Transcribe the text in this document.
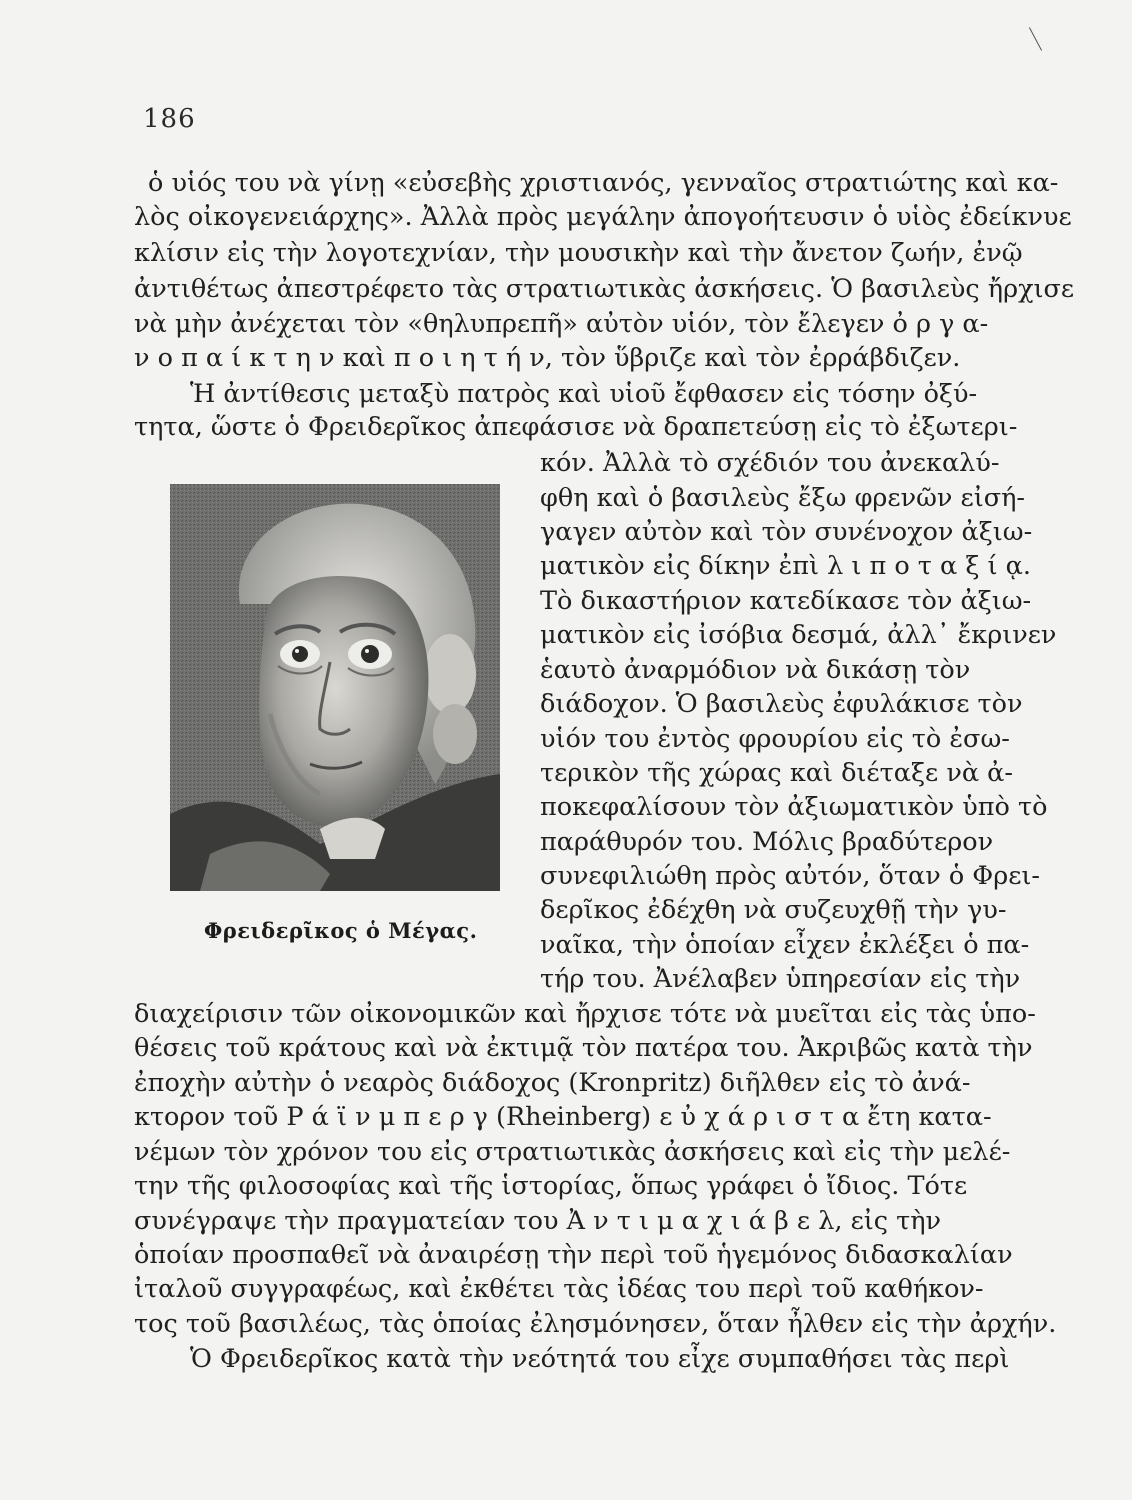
186
ὁ υἱός του νὰ γίνῃ «εὐσεβὴς χριστιανός, γενναῖος στρατιώτης καὶ κα-
λὸς οἰκογενειάρχης». Ἀλλὰ πρὸς μεγάλην ἀπογοήτευσιν ὁ υἱὸς ἐδείκνυε
κλίσιν εἰς τὴν λογοτεχνίαν, τὴν μουσικὴν καὶ τὴν ἄνετον ζωήν, ἐνῷ
ἀντιθέτως ἀπεστρέφετο τὰς στρατιωτικὰς ἀσκήσεις. Ὁ βασιλεὺς ἤρχισε
νὰ μὴν ἀνέχεται τὸν «θηλυπρεπῆ» αὐτὸν υἱόν, τὸν ἔλεγεν ὀ ρ γ α-
ν ο π α ί κ τ η ν καὶ π ο ι η τ ή ν, τὸν ὕβριζε καὶ τὸν ἐρράβδιζεν.
Ἡ ἀντίθεσις μεταξὺ πατρὸς καὶ υἱοῦ ἔφθασεν εἰς τόσην ὀξύ-
τητα, ὥστε ὁ Φρειδερῖκος ἀπεφάσισε νὰ δραπετεύσῃ εἰς τὸ ἐξωτερι-
κόν. Ἀλλὰ τὸ σχέδιόν του ἀνεκαλύ-
φθη καὶ ὁ βασιλεὺς ἔξω φρενῶν εἰσή-
γαγεν αὐτὸν καὶ τὸν συνένοχον ἀξιω-
ματικὸν εἰς δίκην ἐπὶ λ ι π ο τ α ξ ί ᾳ.
Τὸ δικαστήριον κατεδίκασε τὸν ἀξιω-
ματικὸν εἰς ἰσόβια δεσμά, ἀλλ᾿ ἔκρινεν
ἑαυτὸ ἀναρμόδιον νὰ δικάσῃ τὸν
διάδοχον. Ὁ βασιλεὺς ἐφυλάκισε τὸν
υἱόν του ἐντὸς φρουρίου εἰς τὸ ἐσω-
τερικὸν τῆς χώρας καὶ διέταξε νὰ ἀ-
ποκεφαλίσουν τὸν ἀξιωματικὸν ὑπὸ τὸ
παράθυρόν του. Μόλις βραδύτερον
συνεφιλιώθη πρὸς αὐτόν, ὅταν ὁ Φρει-
δερῖκος ἐδέχθη νὰ συζευχθῇ τὴν γυ-
ναῖκα, τὴν ὁποίαν εἶχεν ἐκλέξει ὁ πα-
τήρ του. Ἀνέλαβεν ὑπηρεσίαν εἰς τὴν
διαχείρισιν τῶν οἰκονομικῶν καὶ ἤρχισε τότε νὰ μυεῖται εἰς τὰς ὑπο-
θέσεις τοῦ κράτους καὶ νὰ ἐκτιμᾷ τὸν πατέρα του. Ἀκριβῶς κατὰ τὴν
ἐποχὴν αὐτὴν ὁ νεαρὸς διάδοχος (Kronpritz) διῆλθεν εἰς τὸ ἀνά-
κτορον τοῦ Ρ ά ϊ ν μ π ε ρ γ (Rheinberg) ε ὐ χ ά ρ ι σ τ α ἔτη κατα-
νέμων τὸν χρόνον του εἰς στρατιωτικὰς ἀσκήσεις καὶ εἰς τὴν μελέ-
την τῆς φιλοσοφίας καὶ τῆς ἱστορίας, ὅπως γράφει ὁ ἴδιος. Τότε
συνέγραψε τὴν πραγματείαν του Ἀ ν τ ι μ α χ ι ά β ε λ, εἰς τὴν
ὁποίαν προσπαθεῖ νὰ ἀναιρέσῃ τὴν περὶ τοῦ ἡγεμόνος διδασκαλίαν
ἰταλοῦ συγγραφέως, καὶ ἐκθέτει τὰς ἰδέας του περὶ τοῦ καθήκον-
τος τοῦ βασιλέως, τὰς ὁποίας ἐλησμόνησεν, ὅταν ἦλθεν εἰς τὴν ἀρχήν.
Ὁ Φρειδερῖκος κατὰ τὴν νεότητά του εἶχε συμπαθήσει τὰς περὶ
Φρειδερῖκος ὁ Μέγας.
